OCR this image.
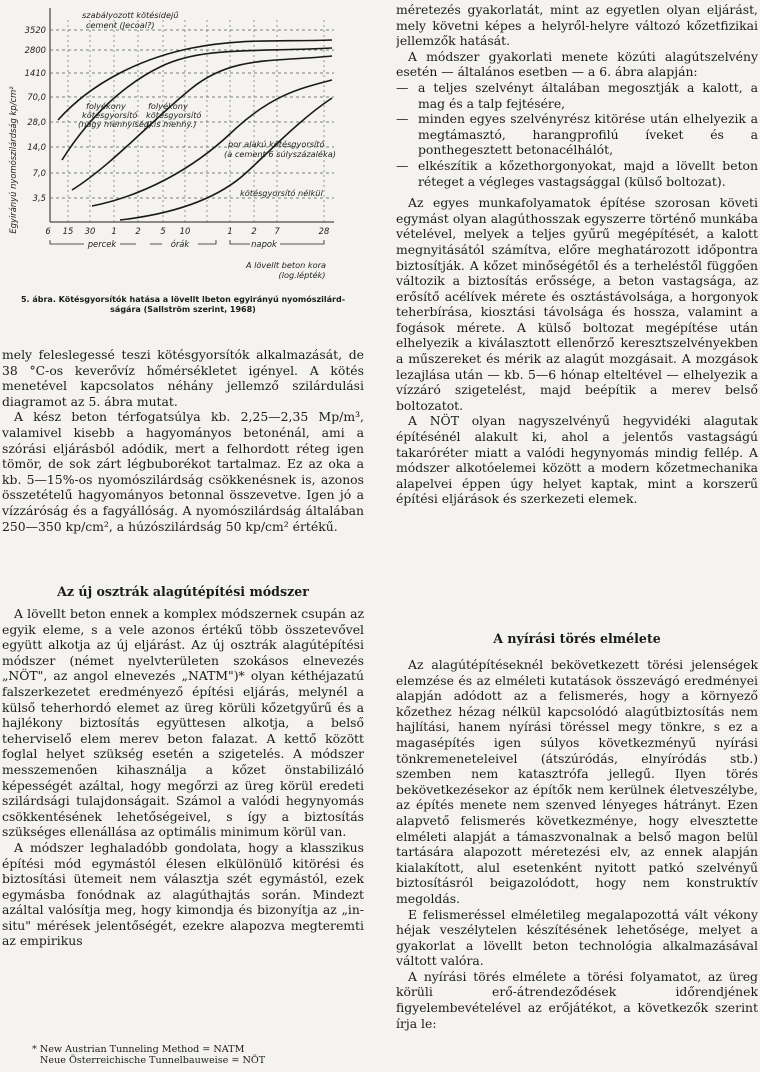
Egyirányú nyomószilárdság kp/cm²
3520
2800
1410
70,0
28,0
14,0
7,0
3,5
6 15 30 1 2 5 10	1 2 7	28
percek	órák	napok
szabályozott kötésidejű
cement (Jecoal?)
folyékony
kötésgyorsító
(nagy mennyiség)
folyékony
kötésgyorsító
(kis menny.)
por alakú kötésgyorsító
(a cement 6 súlyszázaléka)
kötésgyorsító nélkül
A lövellt beton kora
(log.lépték)
5. ábra. Kötésgyorsítók hatása a lövellt lbeton egyirányú nyomószilárd-
ságára (Sallström szerint, 1968)

mely feleslegessé teszi kötésgyorsítók alkalmazását, de 38 °C-os keverővíz hőmérsékletet igényel. A kötés menetével kapcsolatos néhány jellemző szilárdulási diagramot az 5. ábra mutat.

A kész beton térfogatsúlya kb. 2,25—2,35 Mp/m³, valamivel kisebb a hagyományos betonénál, ami a szórási eljárásból adódik, mert a felhordott réteg igen tömör, de sok zárt légbuborékot tartalmaz. Ez az oka a kb. 5—15%-os nyomószilárdság csökkenésnek is, azonos összetételű hagyományos betonnal összevetve. Igen jó a vízzáróság és a fagyállóság. A nyomószilárdság általában 250—350 kp/cm², a húzószilárdság 50 kp/cm² értékű.

Az új osztrák alagútépítési módszer

A lövellt beton ennek a komplex módszernek csupán az egyik eleme, s a vele azonos értékű több összetevővel együtt alkotja az új eljárást. Az új osztrák alagútépítési módszer (német nyelvterületen szokásos elnevezés „NÖT", az angol elnevezés „NATM")* olyan kéthéjazatú falszerkezetet eredményező építési eljárás, melynél a külső teherhordó elemet az üreg körüli kőzetgyűrű és a hajlékony biztosítás együttesen alkotja, a belső teherviselő elem merev beton falazat. A kettő között foglal helyet szükség esetén a szigetelés. A módszer messzemenően kihasználja a kőzet önstabilizáló képességét azáltal, hogy megőrzi az üreg körül eredeti szilárdsági tulajdonságait. Számol a valódi hegynyomás csökkentésének lehetőségeivel, s így a biztosítás szükséges ellenállása az optimális minimum körül van.

A módszer leghaladóbb gondolata, hogy a klasszikus építési mód egymástól élesen elkülönülő kitörési és biztosítási ütemeit nem választja szét egymástól, ezek egymásba fonódnak az alagúthajtás során. Mindezt azáltal valósítja meg, hogy kimondja és bizonyítja az „in-situ" mérések jelentőségét, ezekre alapozva megteremti az empirikus

* New Austrian Tunneling Method = NATM
Neue Österreichische Tunnelbauweise = NÖT

méretezés gyakorlatát, mint az egyetlen olyan eljárást, mely követni képes a helyről-helyre változó kőzetfizikai jellemzők hatását.

A módszer gyakorlati menete közúti alagútszelvény esetén — általános esetben — a 6. ábra alapján:

— a teljes szelvényt általában megosztják a kalott, a mag és a talp fejtésére,
— minden egyes szelvényrész kitörése után elhelyezik a megtámasztó, harangprofilú íveket és a ponthegesztett betonacélhálót,
— elkészítik a kőzethorgonyokat, majd a lövellt beton réteget a végleges vastagsággal (külső boltozat).

Az egyes munkafolyamatok építése szorosan követi egymást olyan alagúthosszak egyszerre történő munkába vételével, melyek a teljes gyűrű megépítését, a kalott megnyitásától számítva, előre meghatározott időpontra biztosítják. A kőzet minőségétől és a terheléstől függően változik a biztosítás erőssége, a beton vastagsága, az erősítő acélívek mérete és osztástávolsága, a horgonyok teherbírása, kiosztási távolsága és hossza, valamint a fogások mérete. A külső boltozat megépítése után elhelyezik a kiválasztott ellenőrző keresztszelvényekben a műszereket és mérik az alagút mozgásait. A mozgások lezajlása után — kb. 5—6 hónap elteltével — elhelyezik a vízzáró szigetelést, majd beépítik a merev belső boltozatot.

A NÖT olyan nagyszelvényű hegyvidéki alagutak építésénél alakult ki, ahol a jelentős vastagságú takarórétег miatt a valódi hegynyomás mindig fellép. A módszer alkotóelemei között a modern kőzetmechanika alapelvei éppen úgy helyet kaptak, mint a korszerű építési eljárások és szerkezeti elemek.

A nyírási törés elmélete

Az alagútépítéseknél bekövetkezett törési jelenségek elemzése és az elméleti kutatások összevágó eredményei alapján adódott az a felismerés, hogy a környező kőzethez hézag nélkül kapcsolódó alagútbiztosítás nem hajlítási, hanem nyírási töréssel megy tönkre, s ez a magasépítés igen súlyos következményű nyírási tönkremeneteleivel (átszúródás, elnyíródás stb.) szemben nem katasztrófa jellegű. Ilyen törés bekövetkezésekor az építők nem kerülnek életveszélybe, az építés menete nem szenved lényeges hátrányt. Ezen alapvető felismerés következménye, hogy elvesztette elméleti alapját a támaszvonalnak a belső magon belül tartására alapozott méretezési elv, az ennek alapján kialakított, alul esetenként nyitott patkó szelvényű biztosításról beigazolódott, hogy nem konstruktív megoldás.

E felismeréssel elméletileg megalapozottá vált vékony héjak veszélytelen készítésének lehetősége, melyet a gyakorlat a lövellt beton technológia alkalmazásával váltott valóra.

A nyírási törés elmélete a törési folyamatot, az üreg körüli erő-átrendeződések időrendjének figyelembevételével az erőjátékot, a következők szerint írja le:
